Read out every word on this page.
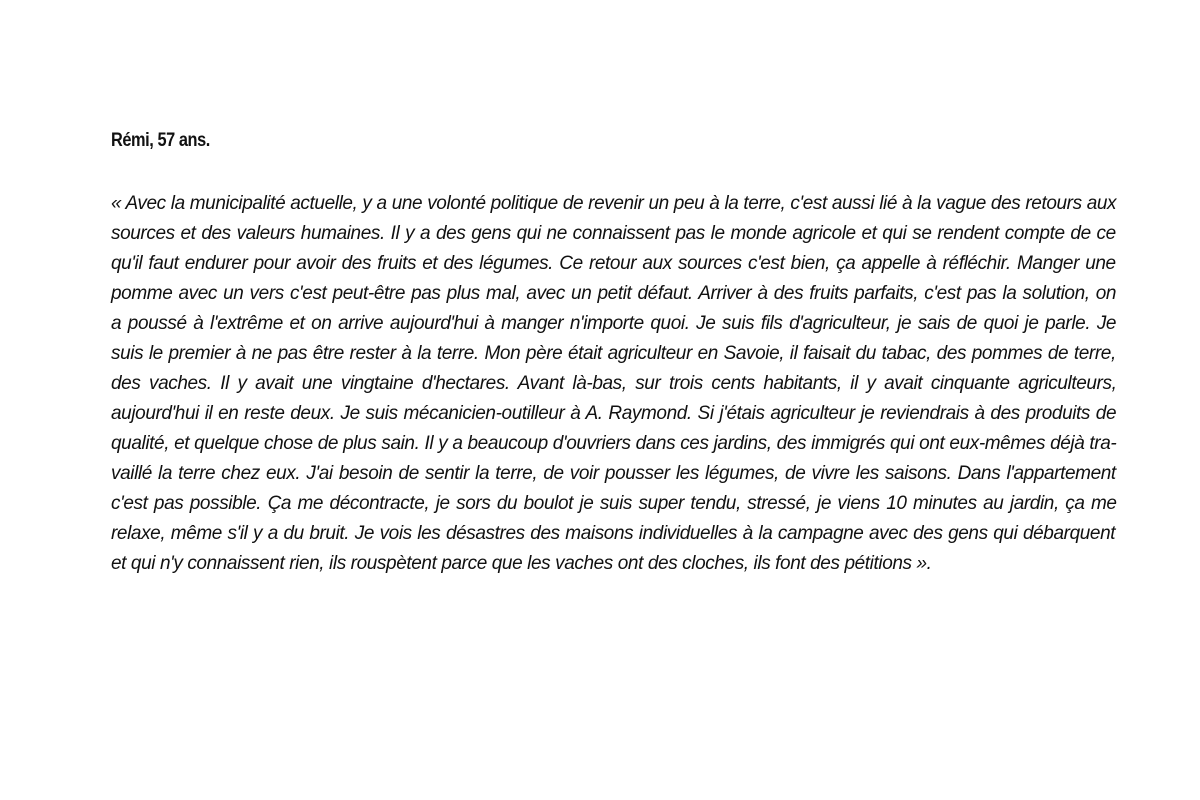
Rémi, 57 ans.
« Avec la municipalité actuelle, y a une volonté politique de revenir un peu à la terre, c'est aussi lié à la vague des retours aux
sources et des valeurs humaines. Il y a des gens qui ne connaissent pas le monde agricole et qui se rendent compte de ce
qu'il faut endurer pour avoir des fruits et des légumes. Ce retour aux sources c'est bien, ça appelle à réfléchir. Manger une
pomme avec un vers c'est peut-être pas plus mal, avec un petit défaut. Arriver à des fruits parfaits, c'est pas la solution, on
a poussé à l'extrême et on arrive aujourd'hui à manger n'importe quoi. Je suis fils d'agriculteur, je sais de quoi je parle. Je
suis le premier à ne pas être rester à la terre. Mon père était agriculteur en Savoie, il faisait du tabac, des pommes de terre,
des vaches. Il y avait une vingtaine d'hectares. Avant là-bas, sur trois cents habitants, il y avait cinquante agriculteurs,
aujourd'hui il en reste deux. Je suis mécanicien-outilleur à A. Raymond. Si j'étais agriculteur je reviendrais à des produits de
qualité, et quelque chose de plus sain. Il y a beaucoup d'ouvriers dans ces jardins, des immigrés qui ont eux-mêmes déjà tra-
vaillé la terre chez eux. J'ai besoin de sentir la terre, de voir pousser les légumes, de vivre les saisons. Dans l'appartement
c'est pas possible. Ça me décontracte, je sors du boulot je suis super tendu, stressé, je viens 10 minutes au jardin, ça me
relaxe, même s'il y a du bruit. Je vois les désastres des maisons individuelles à la campagne avec des gens qui débarquent
et qui n'y connaissent rien, ils rouspètent parce que les vaches ont des cloches, ils font des pétitions ».
